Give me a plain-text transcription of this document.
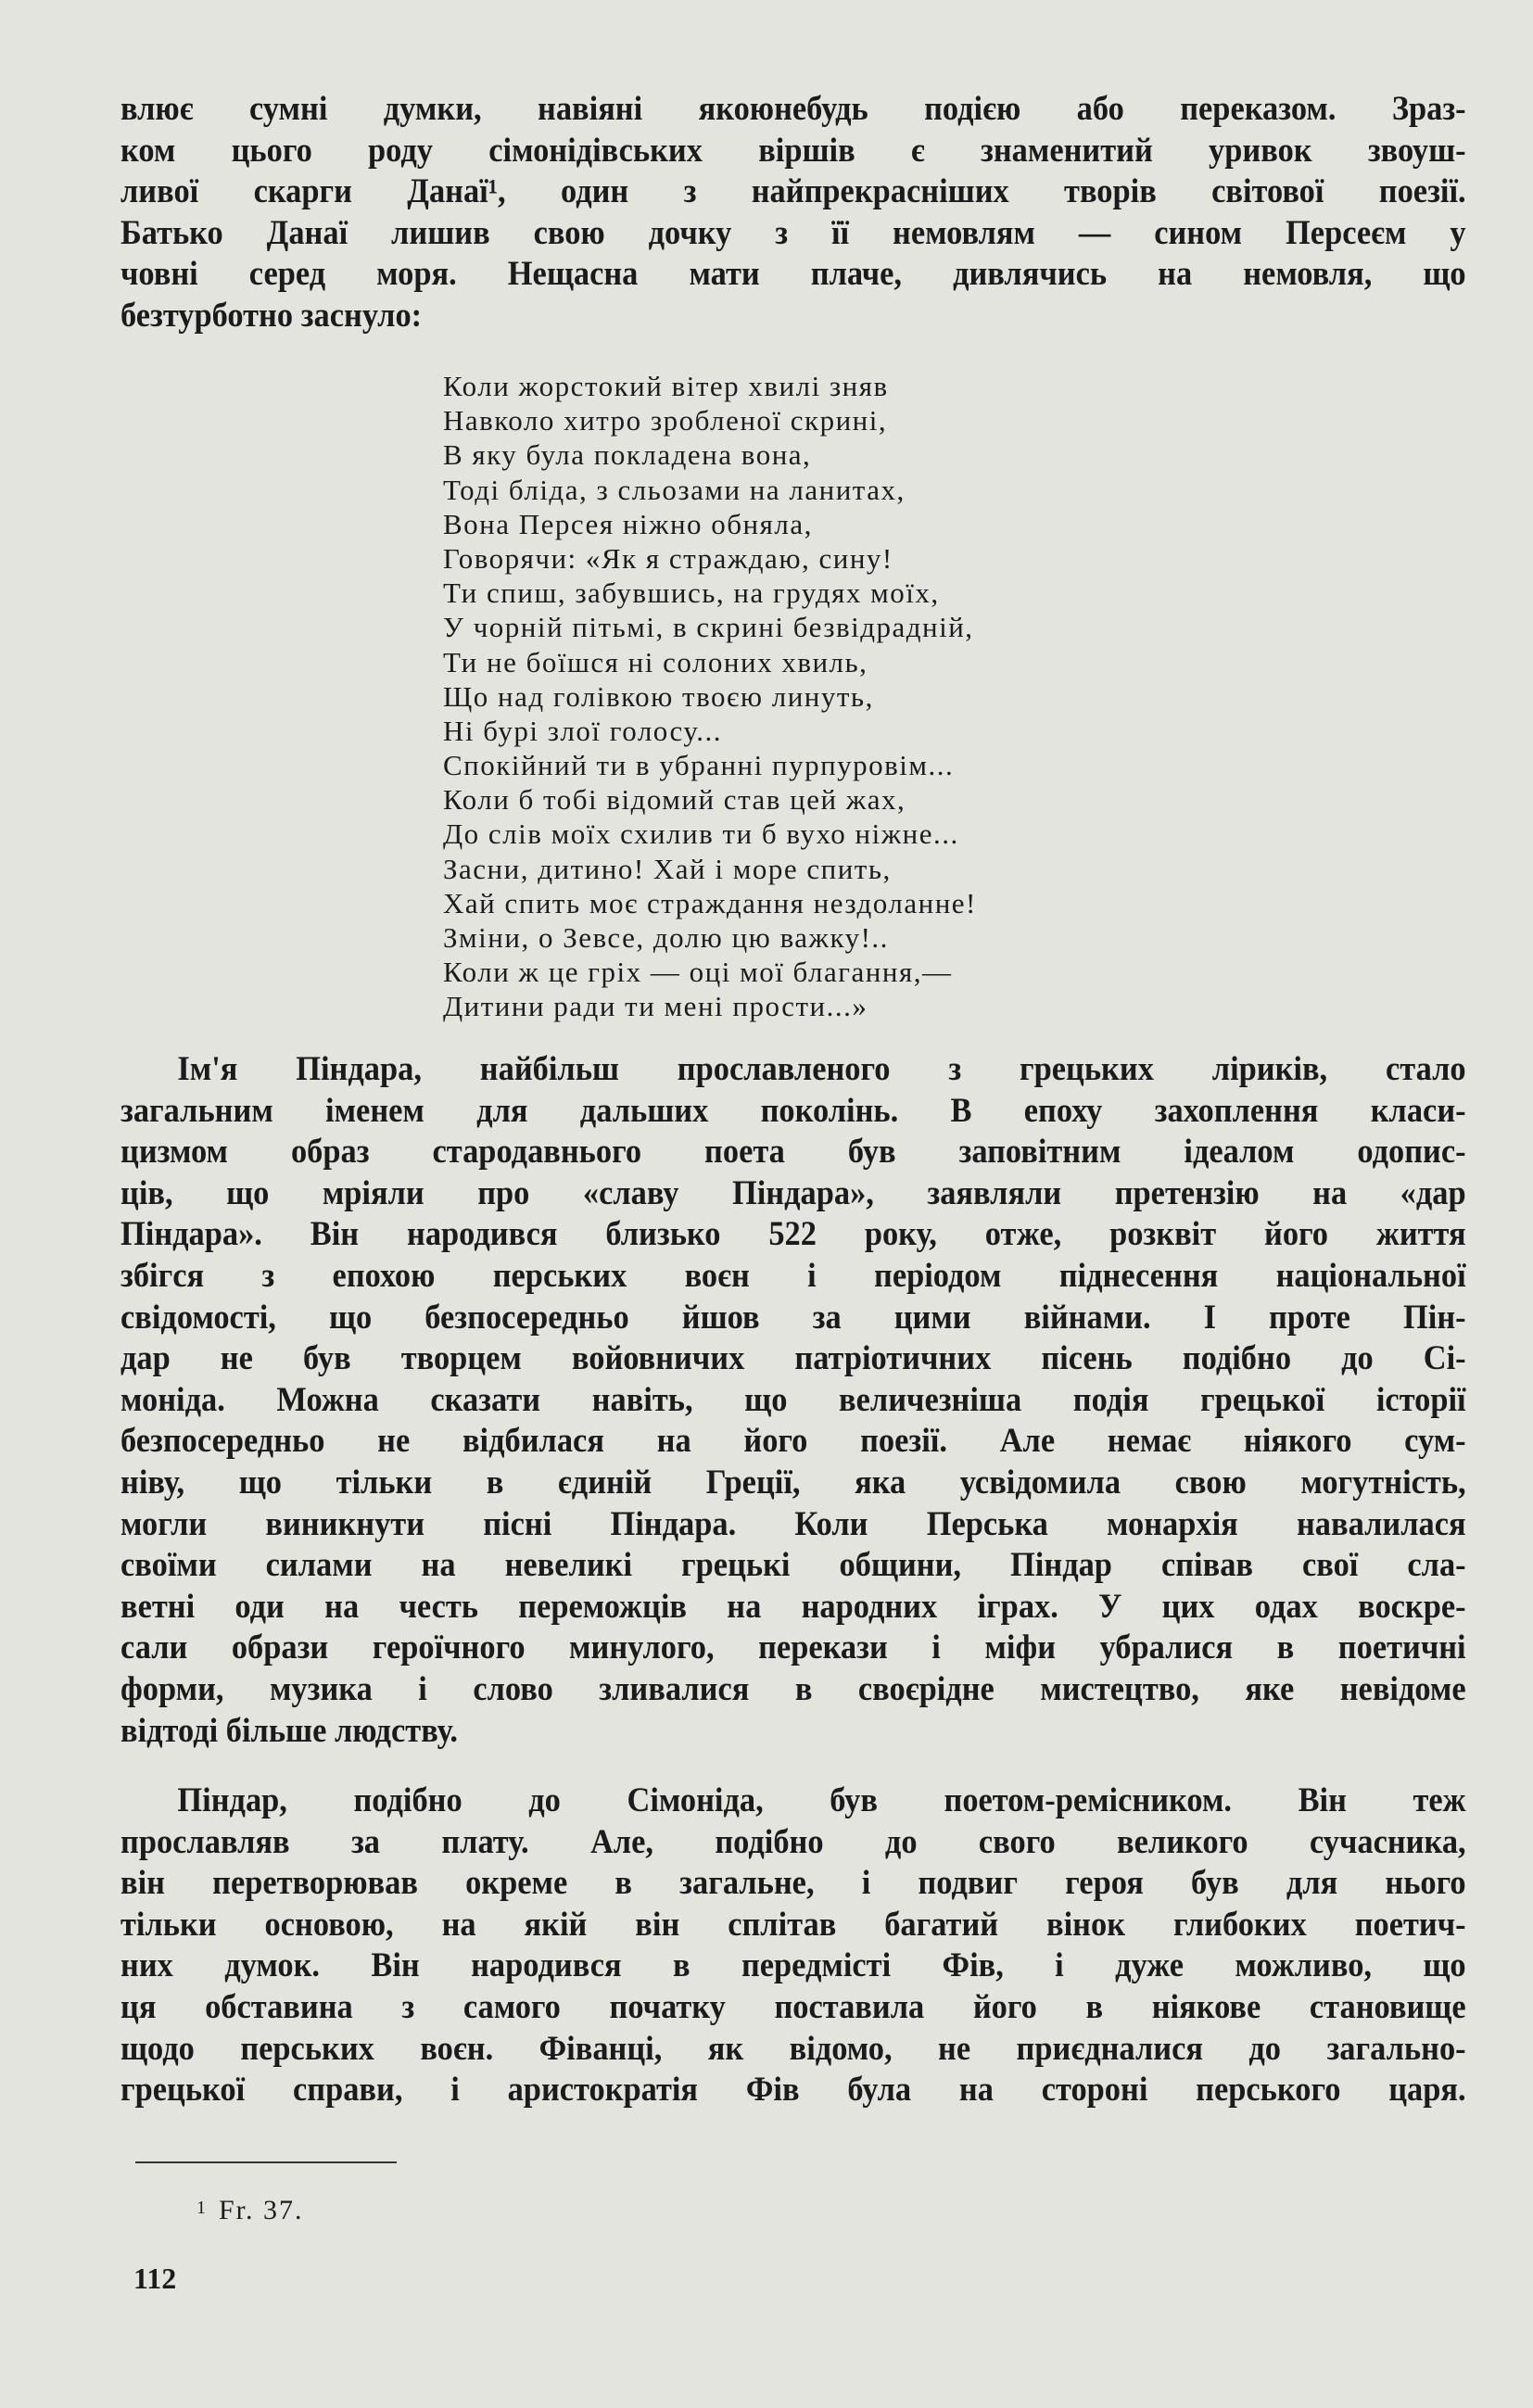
влює сумні думки, навіяні якоюнебудь подією або переказом. Зраз-
ком цього роду сімонідівських віршів є знаменитий уривок звоуш-
ливої скарги Данаї¹, один з найпрекрасніших творів світової поезії.
Батько Данаї лишив свою дочку з її немовлям — сином Персеєм у
човні серед моря. Нещасна мати плаче, дивлячись на немовля, що
безтурботно заснуло:
Коли жорстокий вітер хвилі зняв
Навколо хитро зробленої скрині,
В яку була покладена вона,
Тоді бліда, з сльозами на ланитах,
Вона Персея ніжно обняла,
Говорячи: «Як я страждаю, сину!
Ти спиш, забувшись, на грудях моїх,
У чорній пітьмі, в скрині безвідрадній,
Ти не боїшся ні солоних хвиль,
Що над голівкою твоєю линуть,
Ні бурі злої голосу...
Спокійний ти в убранні пурпуровім...
Коли б тобі відомий став цей жах,
До слів моїх схилив ти б вухо ніжне...
Засни, дитино! Хай і море спить,
Хай спить моє страждання нездоланне!
Зміни, о Зевсе, долю цю важку!..
Коли ж це гріх — оці мої благання,—
Дитини ради ти мені прости...»
Ім'я Піндара, найбільш прославленого з грецьких ліриків, стало
загальним іменем для дальших поколінь. В епоху захоплення класи-
цизмом образ стародавнього поета був заповітним ідеалом одопис-
ців, що мріяли про «славу Піндара», заявляли претензію на «дар
Піндара». Він народився близько 522 року, отже, розквіт його життя
збігся з епохою перських воєн і періодом піднесення національної
свідомості, що безпосередньо йшов за цими війнами. І проте Пін-
дар не був творцем войовничих патріотичних пісень подібно до Сі-
моніда. Можна сказати навіть, що величезніша подія грецької історії
безпосередньо не відбилася на його поезії. Але немає ніякого сум-
ніву, що тільки в єдиній Греції, яка усвідомила свою могутність,
могли виникнути пісні Піндара. Коли Перська монархія навалилася
своїми силами на невеликі грецькі общини, Піндар співав свої сла-
ветні оди на честь переможців на народних іграх. У цих одах воскре-
сали образи героїчного минулого, перекази і міфи убралися в поетичні
форми, музика і слово зливалися в своєрідне мистецтво, яке невідоме
відтоді більше людству.
Піндар, подібно до Сімоніда, був поетом-ремісником. Він теж
прославляв за плату. Але, подібно до свого великого сучасника,
він перетворював окреме в загальне, і подвиг героя був для нього
тільки основою, на якій він сплітав багатий вінок глибоких поетич-
них думок. Він народився в передмісті Фів, і дуже можливо, що
ця обставина з самого початку поставила його в ніякове становище
щодо перських воєн. Фіванці, як відомо, не приєдналися до загально-
грецької справи, і аристократія Фів була на стороні перського царя.
$^1$ Fr. 37.
112
